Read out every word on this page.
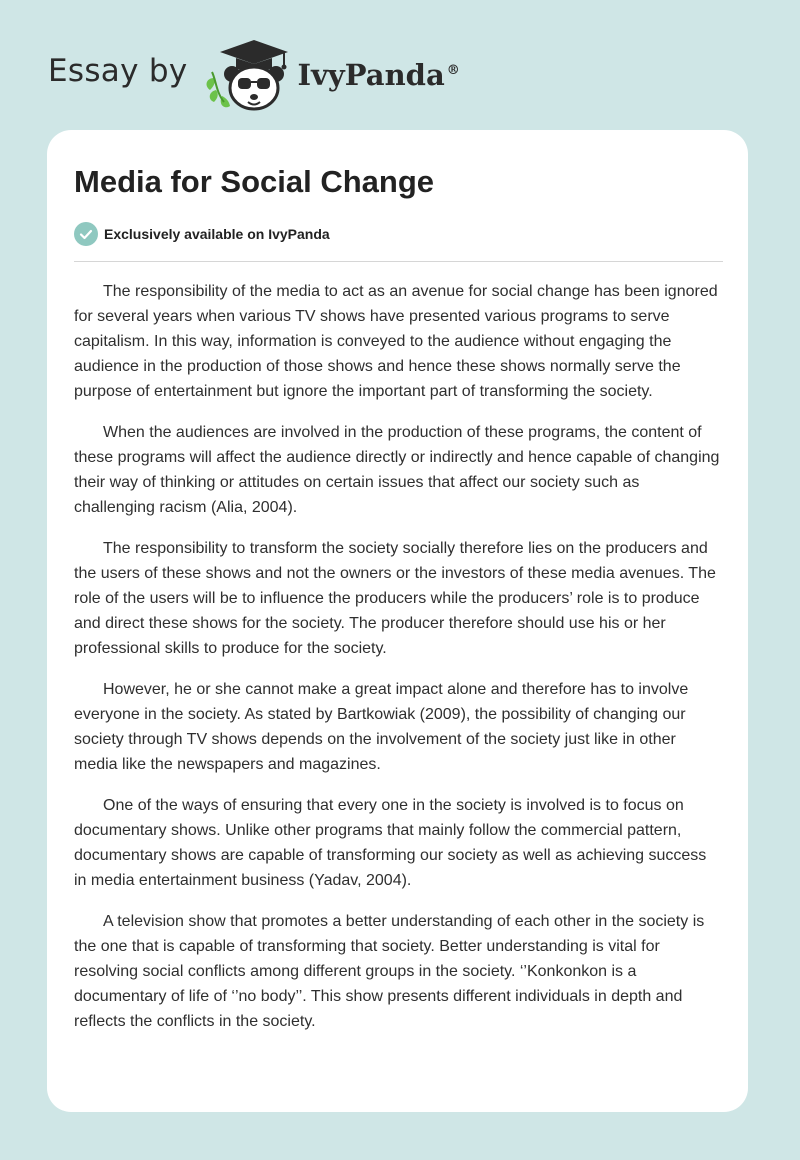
Essay by	IvyPanda ®
Media for Social Change
Exclusively available on IvyPanda

The responsibility of the media to act as an avenue for social change has been ignored for several years when various TV shows have presented various programs to serve capitalism. In this way, information is conveyed to the audience without engaging the audience in the production of those shows and hence these shows normally serve the purpose of entertainment but ignore the important part of transforming the society.

When the audiences are involved in the production of these programs, the content of these programs will affect the audience directly or indirectly and hence capable of changing their way of thinking or attitudes on certain issues that affect our society such as challenging racism (Alia, 2004).

The responsibility to transform the society socially therefore lies on the producers and the users of these shows and not the owners or the investors of these media avenues. The role of the users will be to influence the producers while the producers’ role is to produce and direct these shows for the society. The producer therefore should use his or her professional skills to produce for the society.

However, he or she cannot make a great impact alone and therefore has to involve everyone in the society. As stated by Bartkowiak (2009), the possibility of changing our society through TV shows depends on the involvement of the society just like in other media like the newspapers and magazines.

One of the ways of ensuring that every one in the society is involved is to focus on documentary shows. Unlike other programs that mainly follow the commercial pattern, documentary shows are capable of transforming our society as well as achieving success in media entertainment business (Yadav, 2004).

A television show that promotes a better understanding of each other in the society is the one that is capable of transforming that society. Better understanding is vital for resolving social conflicts among different groups in the society. ‘’Konkonkon is a documentary of life of ‘’no body’’. This show presents different individuals in depth and reflects the conflicts in the society.
